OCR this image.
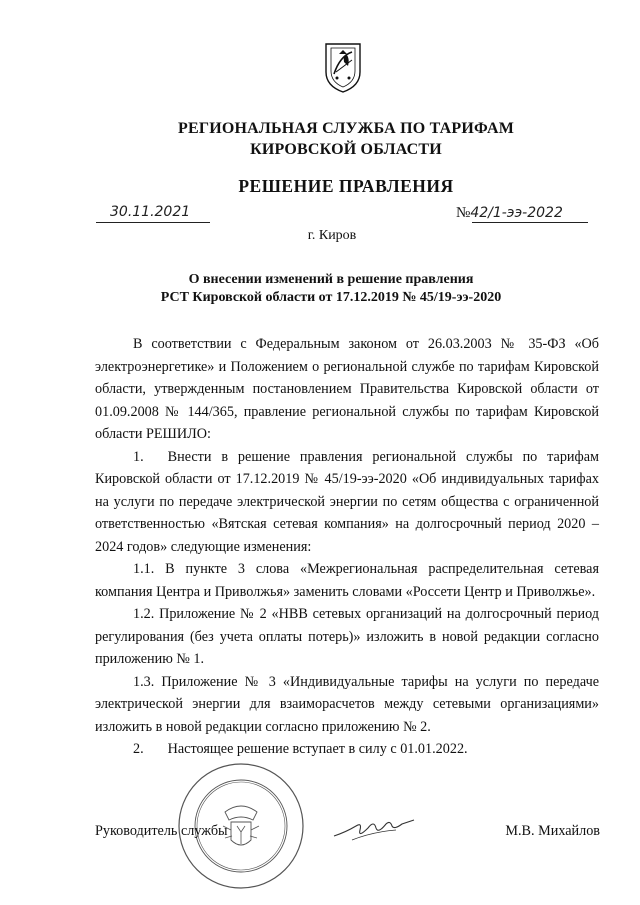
РЕГИОНАЛЬНАЯ СЛУЖБА ПО ТАРИФАМ
КИРОВСКОЙ ОБЛАСТИ
РЕШЕНИЕ ПРАВЛЕНИЯ
30.11.2021	№42/1-ээ-2022
г. Киров
О внесении изменений в решение правления
РСТ Кировской области от 17.12.2019 № 45/19-ээ-2020

В соответствии с Федеральным законом от 26.03.2003 № 35-ФЗ «Об электроэнергетике» и Положением о региональной службе по тарифам Кировской области, утвержденным постановлением Правительства Кировской области от 01.09.2008 № 144/365, правление региональной службы по тарифам Кировской области РЕШИЛО:

1. Внести в решение правления региональной службы по тарифам Кировской области от 17.12.2019 № 45/19-ээ-2020 «Об индивидуальных тарифах на услуги по передаче электрической энергии по сетям общества с ограниченной ответственностью «Вятская сетевая компания» на долгосрочный период 2020 – 2024 годов» следующие изменения:

1.1. В пункте 3 слова «Межрегиональная распределительная сетевая компания Центра и Приволжья» заменить словами «Россети Центр и Приволжье».

1.2. Приложение № 2 «НВВ сетевых организаций на долгосрочный период регулирования (без учета оплаты потерь)» изложить в новой редакции согласно приложению № 1.

1.3. Приложение № 3 «Индивидуальные тарифы на услуги по передаче электрической энергии для взаиморасчетов между сетевыми организациями» изложить в новой редакции согласно приложению № 2.

2. Настоящее решение вступает в силу с 01.01.2022.

Руководитель службы	М.В. Михайлов
